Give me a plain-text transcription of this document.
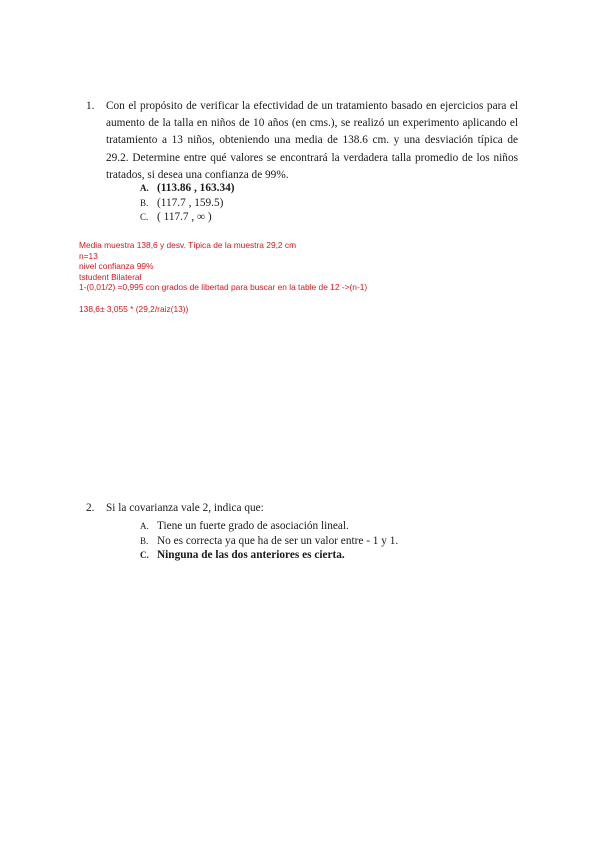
1. Con el propósito de verificar la efectividad de un tratamiento basado en ejercicios para el aumento de la talla en niños de 10 años (en cms.), se realizó un experimento aplicando el tratamiento a 13 niños, obteniendo una media de 138.6 cm. y una desviación típica de 29.2. Determine entre qué valores se encontrará la verdadera talla promedio de los niños tratados, si desea una confianza de 99%.
A. (113.86 , 163.34)
B. (117.7 , 159.5)
C. ( 117.7 , ∞ )
Media muestra 138,6 y desv. Típica de la muestra 29,2 cm
n=13
nivel confianza 99%
tstudent Bilateral
1-(0,01/2) =0,995 con grados de libertad para buscar en la table de 12 ->(n-1)
138,6± 3,055 * (29,2/raiz(13))
2. Si la covarianza vale 2, indica que:
A. Tiene un fuerte grado de asociación lineal.
B. No es correcta ya que ha de ser un valor entre - 1 y 1.
C. Ninguna de las dos anteriores es cierta.
